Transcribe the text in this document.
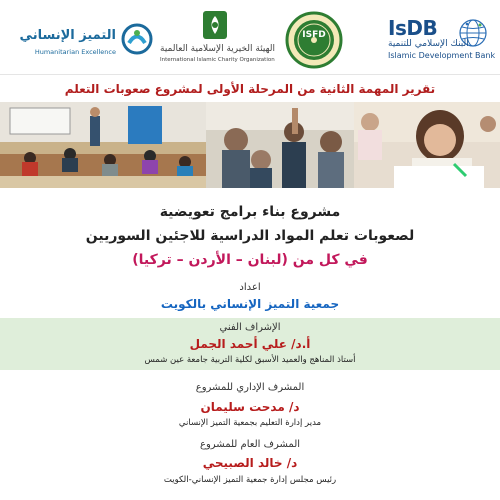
IsDB
البنك الإسلامي للتنمية
Islamic Development Bank
الهيئة الخيرية الإسلامية العالمية
International Islamic Charity Organization
التميز الإنساني
Humanitarian Excellence
تقرير المهمة الثانية من المرحلة الأولى لمشروع صعوبات التعلم
مشروع بناء برامج تعويضية
لصعوبات تعلم المواد الدراسية للاجئين السوريين
في كل من (لبنان – الأردن – تركيا)
اعداد
جمعية التميز الإنساني بالكويت
الإشراف الفني
أ.د/ علي أحمد الجمل
أستاذ المناهج والعميد الأسبق لكلية التربية جامعة عين شمس
المشرف الإداري للمشروع
د/ مدحت سليمان
مدير إدارة التعليم بجمعية التميز الإنساني
المشرف العام للمشروع
د/ خالد الصبيحي
رئيس مجلس إدارة جمعية التميز الإنساني-الكويت
ISFD
